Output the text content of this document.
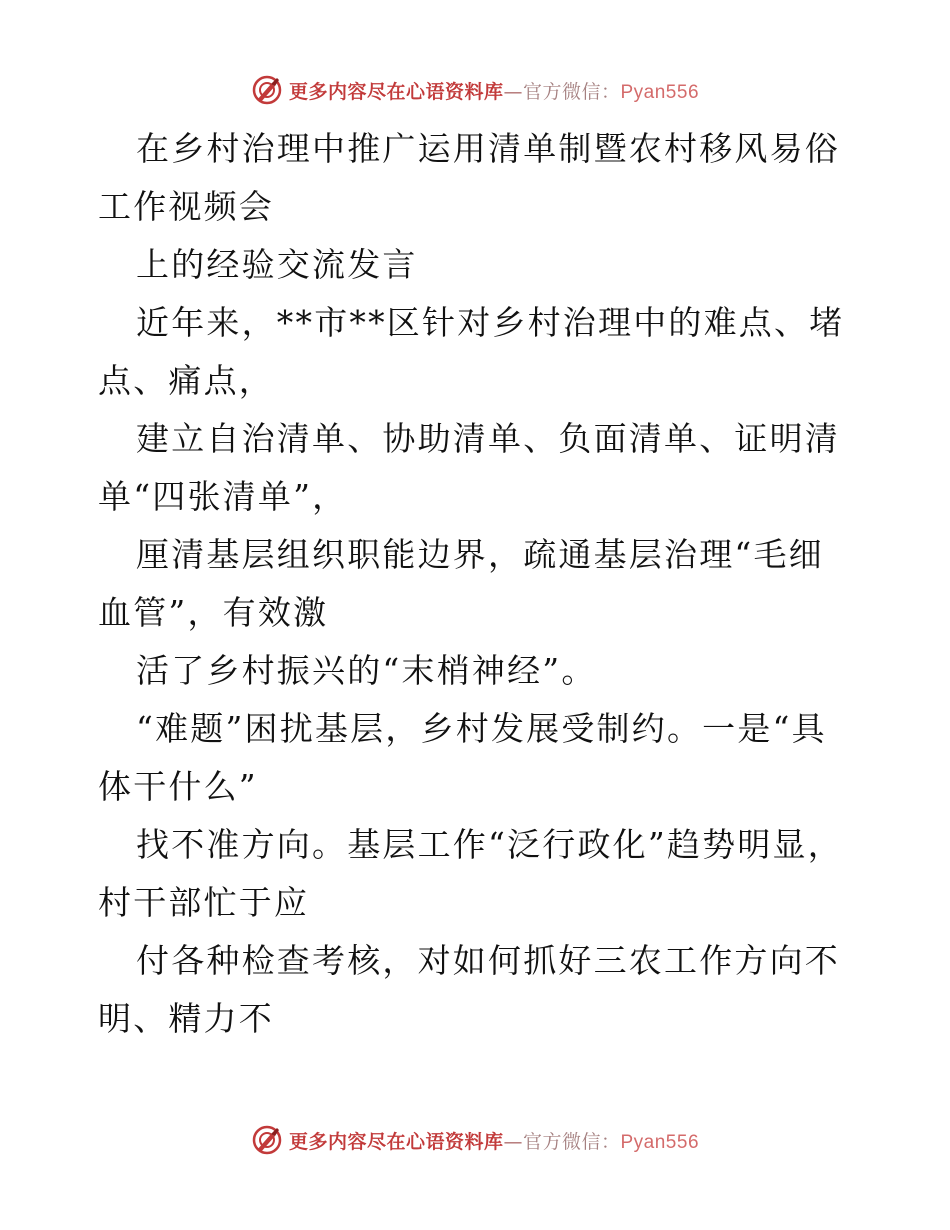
更多内容尽在心语资料库—官方微信：Pyan556

在乡村治理中推广运用清单制暨农村移风易俗工作视频会

上的经验交流发言

近年来，**市**区针对乡村治理中的难点、堵点、痛点，

建立自治清单、协助清单、负面清单、证明清单“四张清单”，

厘清基层组织职能边界，疏通基层治理“毛细血管”，有效激

活了乡村振兴的“末梢神经”。

“难题”困扰基层，乡村发展受制约。一是“具体干什么”

找不准方向。基层工作“泛行政化”趋势明显，村干部忙于应

付各种检查考核，对如何抓好三农工作方向不明、精力不

更多内容尽在心语资料库—官方微信：Pyan556
